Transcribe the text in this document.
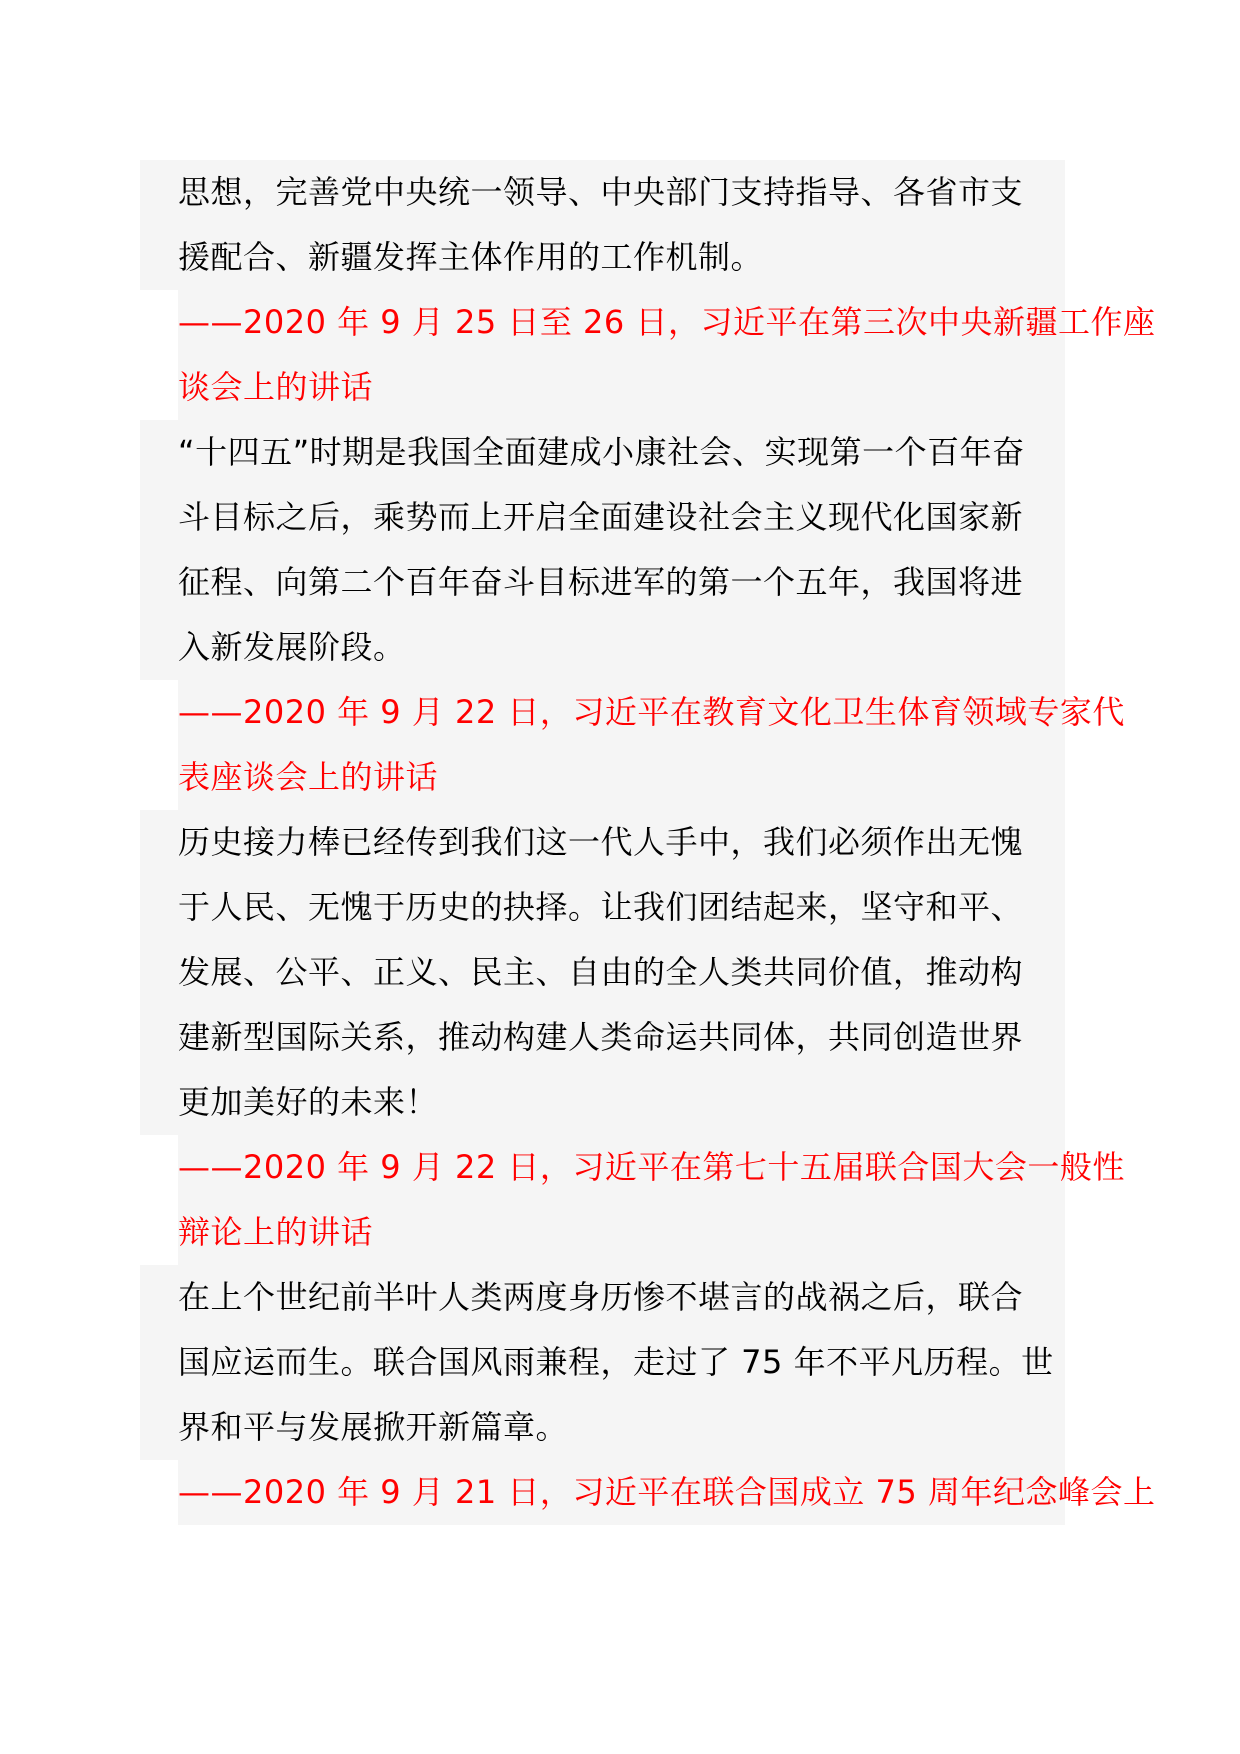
思想，完善党中央统一领导、中央部门支持指导、各省市支
援配合、新疆发挥主体作用的工作机制。
——2020 年 9 月 25 日至 26 日，习近平在第三次中央新疆工作座
谈会上的讲话
“十四五”时期是我国全面建成小康社会、实现第一个百年奋
斗目标之后，乘势而上开启全面建设社会主义现代化国家新
征程、向第二个百年奋斗目标进军的第一个五年，我国将进
入新发展阶段。
——2020 年 9 月 22 日，习近平在教育文化卫生体育领域专家代
表座谈会上的讲话
历史接力棒已经传到我们这一代人手中，我们必须作出无愧
于人民、无愧于历史的抉择。让我们团结起来，坚守和平、
发展、公平、正义、民主、自由的全人类共同价值，推动构
建新型国际关系，推动构建人类命运共同体，共同创造世界
更加美好的未来！
——2020 年 9 月 22 日，习近平在第七十五届联合国大会一般性
辩论上的讲话
在上个世纪前半叶人类两度身历惨不堪言的战祸之后，联合
国应运而生。联合国风雨兼程，走过了 75 年不平凡历程。世
界和平与发展掀开新篇章。
——2020 年 9 月 21 日，习近平在联合国成立 75 周年纪念峰会上
